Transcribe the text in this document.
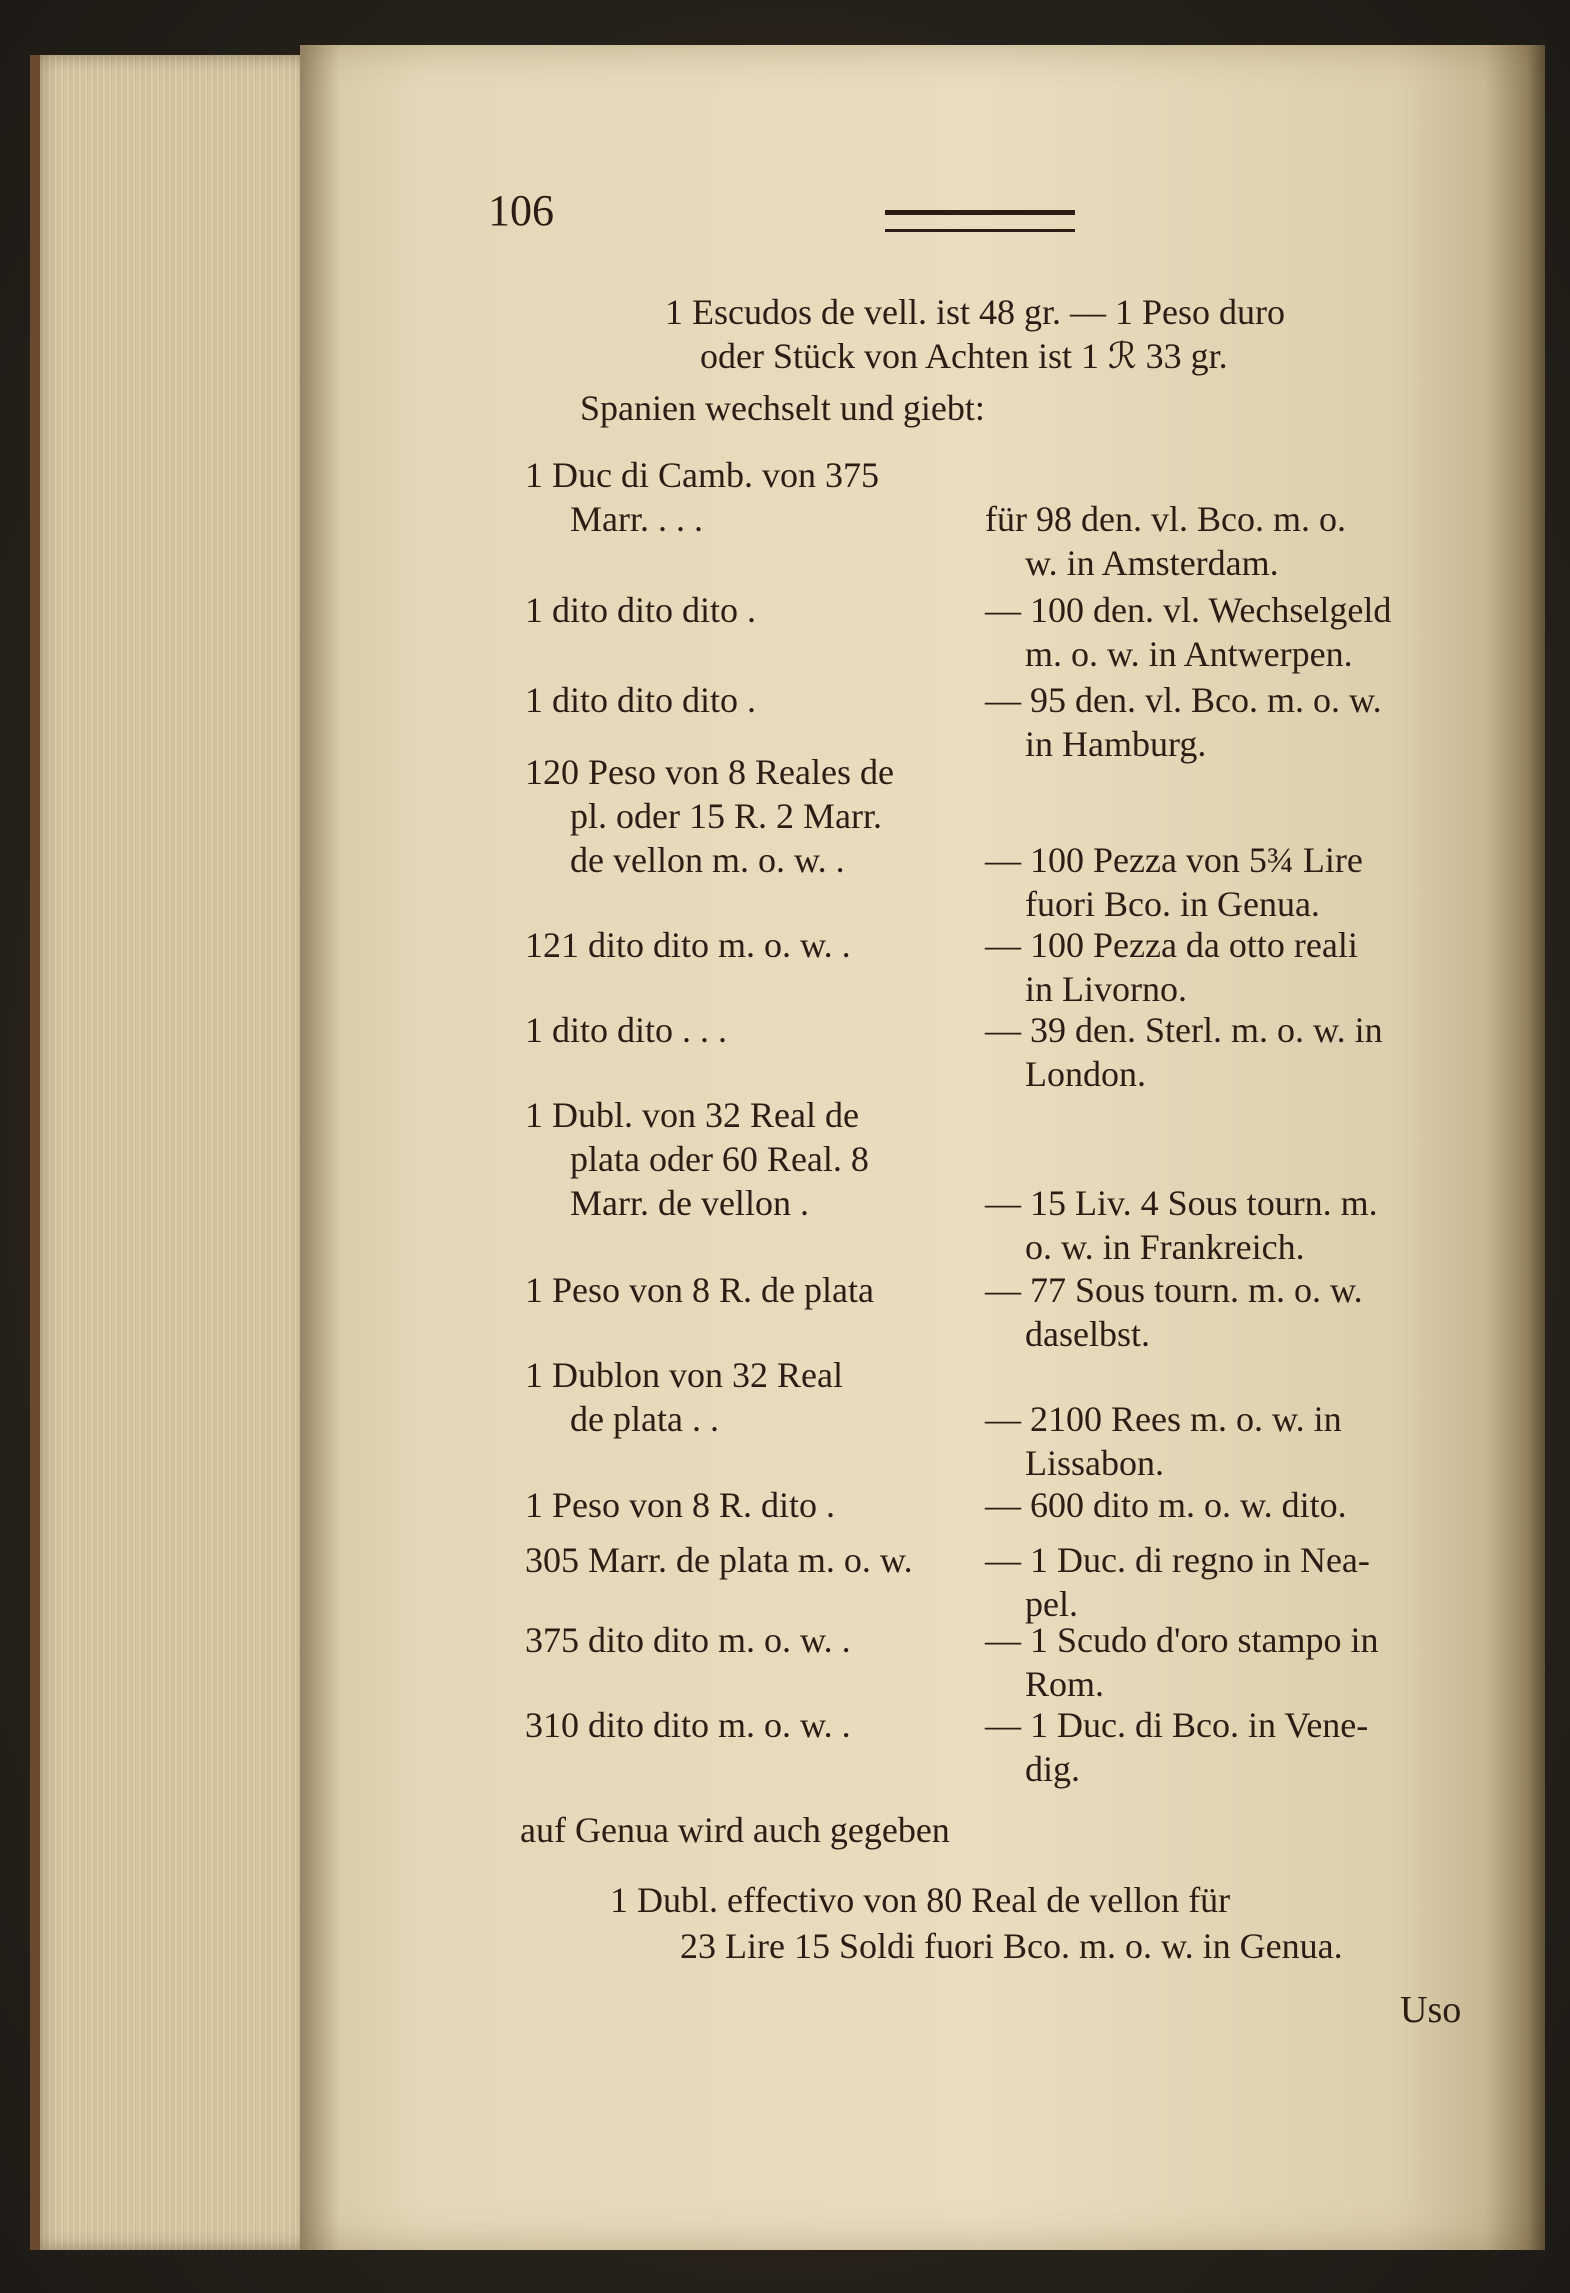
106
1 Escudos de vell. ist 48 gr. — 1 Peso duro
oder Stück von Achten ist 1 ℛ 33 gr.
Spanien wechselt und giebt:
1 Duc di Camb. von 375
Marr. . . .	für 98 den. vl. Bco. m. o.
w. in Amsterdam.
1 dito dito dito .	— 100 den. vl. Wechselgeld
m. o. w. in Antwerpen.
1 dito dito dito .	— 95 den. vl. Bco. m. o. w.
in Hamburg.
120 Peso von 8 Reales de
pl. oder 15 R. 2 Marr.
de vellon m. o. w. .	— 100 Pezza von 5¾ Lire
fuori Bco. in Genua.
121 dito dito m. o. w. .	— 100 Pezza da otto reali
in Livorno.
1 dito dito . . .	— 39 den. Sterl. m. o. w. in
London.
1 Dubl. von 32 Real de
plata oder 60 Real. 8
Marr. de vellon .	— 15 Liv. 4 Sous tourn. m.
o. w. in Frankreich.
1 Peso von 8 R. de plata	— 77 Sous tourn. m. o. w.
daselbst.
1 Dublon von 32 Real
de plata . .	— 2100 Rees m. o. w. in
Lissabon.
1 Peso von 8 R. dito .	— 600 dito m. o. w. dito.
305 Marr. de plata m. o. w. — 1 Duc. di regno in Nea-
pel.
375 dito dito m. o. w. .	— 1 Scudo d'oro stampo in
Rom.
310 dito dito m. o. w. .	— 1 Duc. di Bco. in Vene-
dig.
auf Genua wird auch gegeben
1 Dubl. effectivo von 80 Real de vellon für
23 Lire 15 Soldi fuori Bco. m. o. w. in Genua.
Uso
